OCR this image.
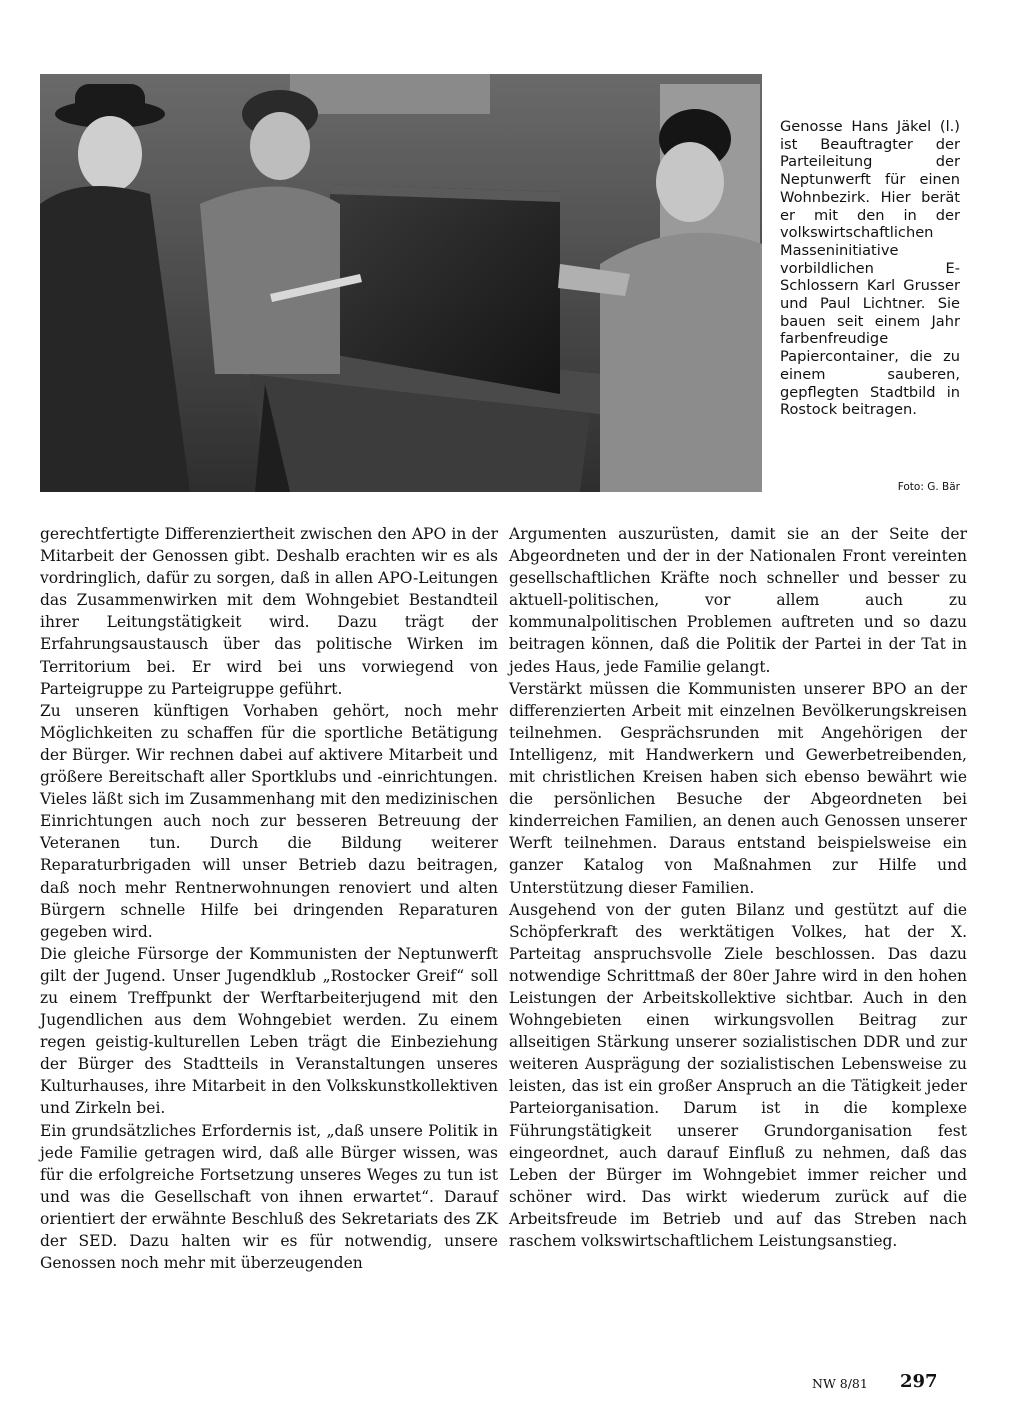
Genosse Hans Jäkel (l.) ist Beauftragter der Parteileitung der Neptunwerft für einen Wohnbezirk. Hier berät er mit den in der volkswirtschaftlichen Masseninitiative vorbildlichen E-Schlossern Karl Grusser und Paul Lichtner. Sie bauen seit einem Jahr farbenfreudige Papiercontainer, die zu einem sauberen, gepflegten Stadtbild in Rostock beitragen.

Foto: G. Bär

gerechtfertigte Differenziertheit zwischen den APO in der Mitarbeit der Genossen gibt. Deshalb erachten wir es als vordringlich, dafür zu sorgen, daß in allen APO-Leitungen das Zusammenwirken mit dem Wohngebiet Bestandteil ihrer Leitungstätigkeit wird. Dazu trägt der Erfahrungsaustausch über das politische Wirken im Territorium bei. Er wird bei uns vorwiegend von Parteigruppe zu Parteigruppe geführt.

Zu unseren künftigen Vorhaben gehört, noch mehr Möglichkeiten zu schaffen für die sportliche Betätigung der Bürger. Wir rechnen dabei auf aktivere Mitarbeit und größere Bereitschaft aller Sportklubs und -einrichtungen. Vieles läßt sich im Zusammenhang mit den medizinischen Einrichtungen auch noch zur besseren Betreuung der Veteranen tun. Durch die Bildung weiterer Reparaturbrigaden will unser Betrieb dazu beitragen, daß noch mehr Rentnerwohnungen renoviert und alten Bürgern schnelle Hilfe bei dringenden Reparaturen gegeben wird.

Die gleiche Fürsorge der Kommunisten der Neptunwerft gilt der Jugend. Unser Jugendklub „Rostocker Greif“ soll zu einem Treffpunkt der Werftarbeiterjugend mit den Jugendlichen aus dem Wohngebiet werden. Zu einem regen geistig-kulturellen Leben trägt die Einbeziehung der Bürger des Stadtteils in Veranstaltungen unseres Kulturhauses, ihre Mitarbeit in den Volkskunstkollektiven und Zirkeln bei.

Ein grundsätzliches Erfordernis ist, „daß unsere Politik in jede Familie getragen wird, daß alle Bürger wissen, was für die erfolgreiche Fortsetzung unseres Weges zu tun ist und was die Gesellschaft von ihnen erwartet“. Darauf orientiert der erwähnte Beschluß des Sekretariats des ZK der SED. Dazu halten wir es für notwendig, unsere Genossen noch mehr mit überzeugenden

Argumenten auszurüsten, damit sie an der Seite der Abgeordneten und der in der Nationalen Front vereinten gesellschaftlichen Kräfte noch schneller und besser zu aktuell-politischen, vor allem auch zu kommunalpolitischen Problemen auftreten und so dazu beitragen können, daß die Politik der Partei in der Tat in jedes Haus, jede Familie gelangt.

Verstärkt müssen die Kommunisten unserer BPO an der differenzierten Arbeit mit einzelnen Bevölkerungskreisen teilnehmen. Gesprächsrunden mit Angehörigen der Intelligenz, mit Handwerkern und Gewerbetreibenden, mit christlichen Kreisen haben sich ebenso bewährt wie die persönlichen Besuche der Abgeordneten bei kinderreichen Familien, an denen auch Genossen unserer Werft teilnehmen. Daraus entstand beispielsweise ein ganzer Katalog von Maßnahmen zur Hilfe und Unterstützung dieser Familien.

Ausgehend von der guten Bilanz und gestützt auf die Schöpferkraft des werktätigen Volkes, hat der X. Parteitag anspruchsvolle Ziele beschlossen. Das dazu notwendige Schrittmaß der 80er Jahre wird in den hohen Leistungen der Arbeitskollektive sichtbar. Auch in den Wohngebieten einen wirkungsvollen Beitrag zur allseitigen Stärkung unserer sozialistischen DDR und zur weiteren Ausprägung der sozialistischen Lebensweise zu leisten, das ist ein großer Anspruch an die Tätigkeit jeder Parteiorganisation. Darum ist in die komplexe Führungstätigkeit unserer Grundorganisation fest eingeordnet, auch darauf Einfluß zu nehmen, daß das Leben der Bürger im Wohngebiet immer reicher und schöner wird. Das wirkt wiederum zurück auf die Arbeitsfreude im Betrieb und auf das Streben nach raschem volkswirtschaftlichem Leistungsanstieg.

NW 8/81 297
